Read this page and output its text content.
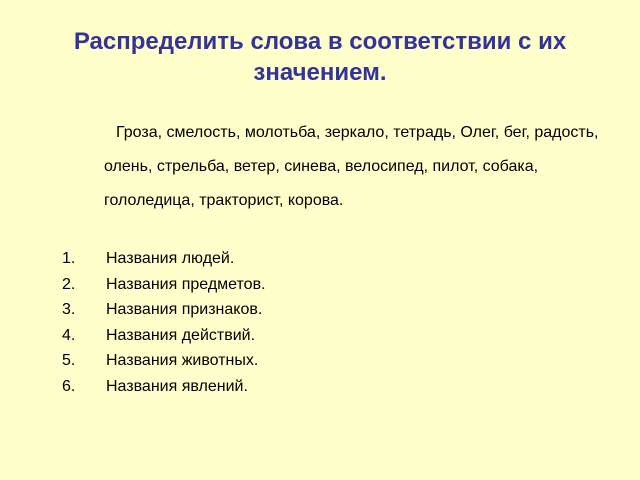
Распределить слова в соответствии с их значением.

Гроза, смелость, молотьба, зеркало, тетрадь, Олег, бег, радость, олень, стрельба, ветер, синева, велосипед, пилот, собака, гололедица, тракторист, корова.

1.	Названия людей.
2.	Названия предметов.
3.	Названия признаков.
4.	Названия действий.
5.	Названия животных.
6.	Названия явлений.
